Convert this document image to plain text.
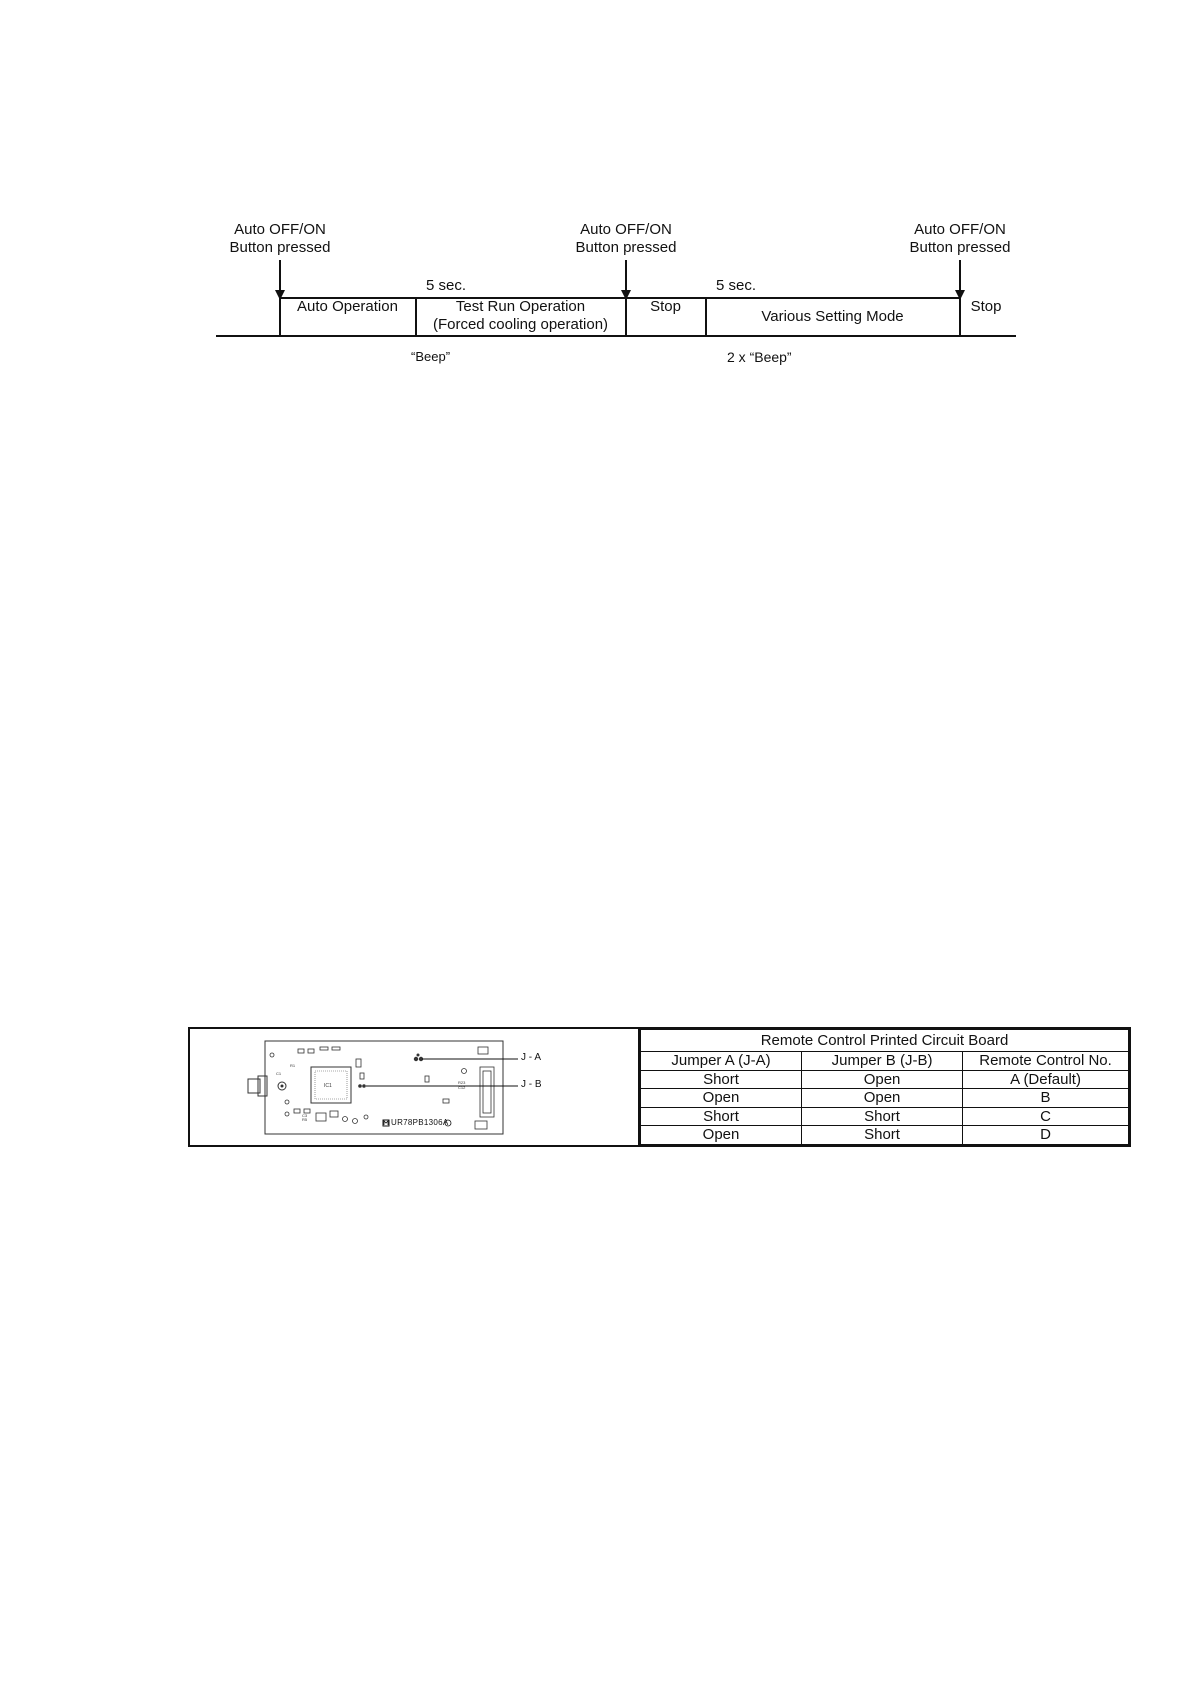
Auto OFF/ON
Button pressed
Auto OFF/ON
Button pressed
Auto OFF/ON
Button pressed
5 sec.	5 sec.
Auto Operation	Test Run Operation
(Forced cooling operation)
Stop
Various Setting Mode
Stop
“Beep”	2 x “Beep”
IC1
R23
C12
C3
R5
R1
C1
J - A
J - B
UR78PB1306A
Remote Control Printed Circuit Board		
Jumper A (J-A)	Jumper B (J-B)	Remote Control No.
Short	Open	A (Default)
Open	Open	B
Short	Short	C
Open	Short	D
